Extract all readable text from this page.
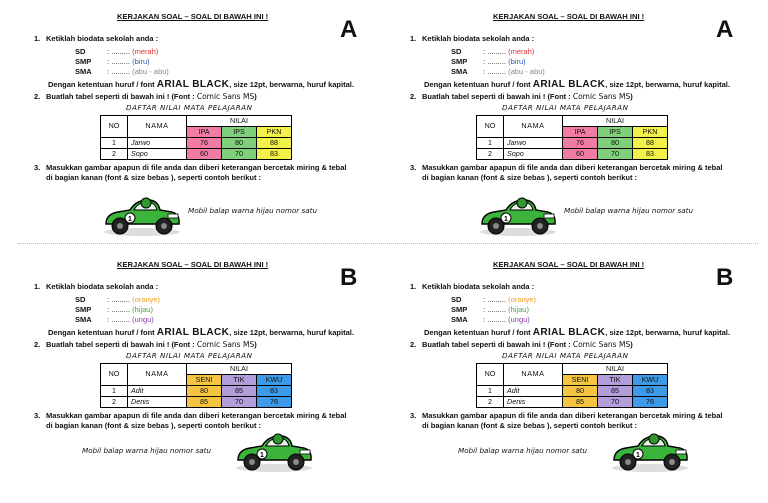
KERJAKAN SOAL – SOAL DI BAWAH INI !	A
1. Ketiklah biodata sekolah anda :
SD	: ......... (merah)
SMP : ......... (biru)
SMA : ......... (abu - abu)
Dengan ketentuan huruf / font ARIAL BLACK, size 12pt, berwarna, huruf kapital.
2. Buatlah tabel seperti di bawah ini ! (Font : Comic Sans MS)
DAFTAR NILAI MATA PELAJARAN
NO	NAMA	NILAI		
		IPA	IPS	PKN
1	Jarwo	76	80	88
2	Sopo	60	70	83
3. Masukkan gambar apapun di file anda dan diberi keterangan bercetak miring & tebal
di bagian kanan (font & size bebas ), seperti contoh berikut :
1
Mobil balap warna hijau nomor satu
KERJAKAN SOAL – SOAL DI BAWAH INI !	A
1. Ketiklah biodata sekolah anda :
SD	: ......... (merah)
SMP : ......... (biru)
SMA : ......... (abu - abu)
Dengan ketentuan huruf / font ARIAL BLACK, size 12pt, berwarna, huruf kapital.
2. Buatlah tabel seperti di bawah ini ! (Font : Comic Sans MS)
DAFTAR NILAI MATA PELAJARAN
NO	NAMA	NILAI		
		IPA	IPS	PKN
1	Jarwo	76	80	88
2	Sopo	60	70	83
3. Masukkan gambar apapun di file anda dan diberi keterangan bercetak miring & tebal
di bagian kanan (font & size bebas ), seperti contoh berikut :
1
Mobil balap warna hijau nomor satu
KERJAKAN SOAL – SOAL DI BAWAH INI !	B
1. Ketiklah biodata sekolah anda :
SD	: ......... (oranye)
SMP : ......... (hijau)
SMA : ......... (ungu)
Dengan ketentuan huruf / font ARIAL BLACK, size 12pt, berwarna, huruf kapital.
2. Buatlah tabel seperti di bawah ini ! (Font : Comic Sans MS)
DAFTAR NILAI MATA PELAJARAN
NO	NAMA	NILAI		
		SENI	TIK	KWU
1	Adit	80	85	83
2	Denis	85	70	76
3. Masukkan gambar apapun di file anda dan diberi keterangan bercetak miring & tebal
di bagian kanan (font & size bebas ), seperti contoh berikut :
1
Mobil balap warna hijau nomor satu
KERJAKAN SOAL – SOAL DI BAWAH INI !	B
1. Ketiklah biodata sekolah anda :
SD	: ......... (oranye)
SMP : ......... (hijau)
SMA : ......... (ungu)
Dengan ketentuan huruf / font ARIAL BLACK, size 12pt, berwarna, huruf kapital.
2. Buatlah tabel seperti di bawah ini ! (Font : Comic Sans MS)
DAFTAR NILAI MATA PELAJARAN
NO	NAMA	NILAI		
		SENI	TIK	KWU
1	Adit	80	85	83
2	Denis	85	70	76
3. Masukkan gambar apapun di file anda dan diberi keterangan bercetak miring & tebal
di bagian kanan (font & size bebas ), seperti contoh berikut :
1
Mobil balap warna hijau nomor satu
